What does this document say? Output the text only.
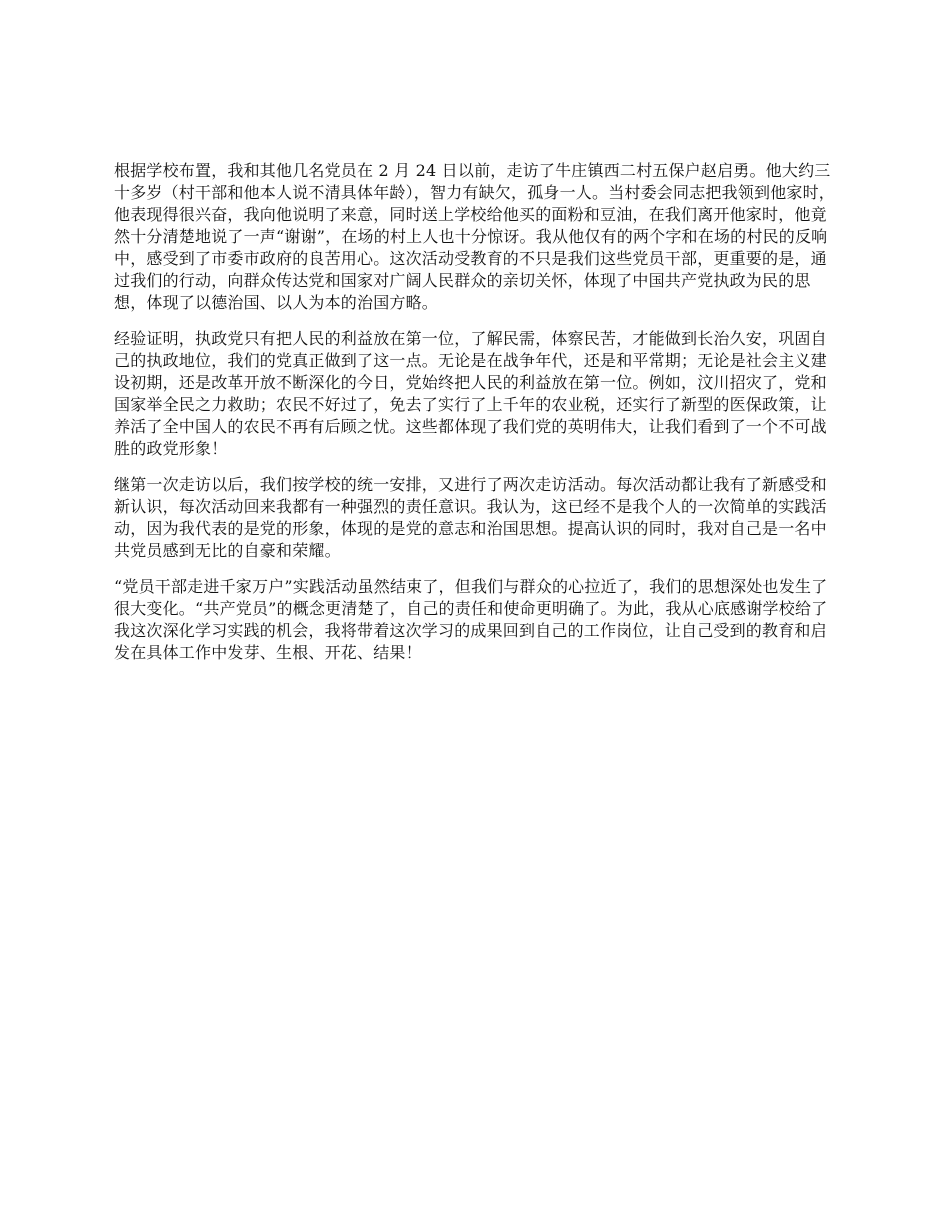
根据学校布置，我和其他几名党员在 2 月 24 日以前，走访了牛庄镇西二村五保户赵启勇。他大约三十多岁（村干部和他本人说不清具体年龄），智力有缺欠，孤身一人。当村委会同志把我领到他家时，他表现得很兴奋，我向他说明了来意，同时送上学校给他买的面粉和豆油，在我们离开他家时，他竟然十分清楚地说了一声“谢谢”，在场的村上人也十分惊讶。我从他仅有的两个字和在场的村民的反响中，感受到了市委市政府的良苦用心。这次活动受教育的不只是我们这些党员干部，更重要的是，通过我们的行动，向群众传达党和国家对广阔人民群众的亲切关怀，体现了中国共产党执政为民的思想，体现了以德治国、以人为本的治国方略。

经验证明，执政党只有把人民的利益放在第一位，了解民需，体察民苦，才能做到长治久安，巩固自己的执政地位，我们的党真正做到了这一点。无论是在战争年代，还是和平常期；无论是社会主义建设初期，还是改革开放不断深化的今日，党始终把人民的利益放在第一位。例如，汶川招灾了，党和国家举全民之力救助；农民不好过了，免去了实行了上千年的农业税，还实行了新型的医保政策，让养活了全中国人的农民不再有后顾之忧。这些都体现了我们党的英明伟大，让我们看到了一个不可战胜的政党形象！

继第一次走访以后，我们按学校的统一安排，又进行了两次走访活动。每次活动都让我有了新感受和新认识，每次活动回来我都有一种强烈的责任意识。我认为，这已经不是我个人的一次简单的实践活动，因为我代表的是党的形象，体现的是党的意志和治国思想。提高认识的同时，我对自己是一名中共党员感到无比的自豪和荣耀。

“党员干部走进千家万户”实践活动虽然结束了，但我们与群众的心拉近了，我们的思想深处也发生了很大变化。“共产党员”的概念更清楚了，自己的责任和使命更明确了。为此，我从心底感谢学校给了我这次深化学习实践的机会，我将带着这次学习的成果回到自己的工作岗位，让自己受到的教育和启发在具体工作中发芽、生根、开花、结果！
